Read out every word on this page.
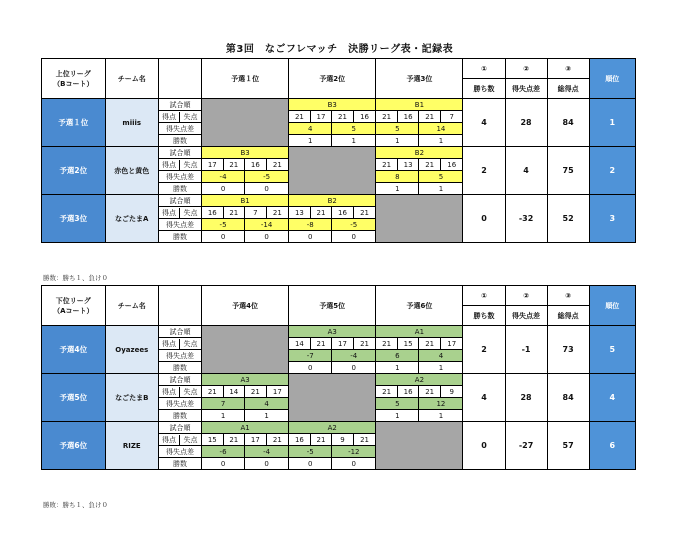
第3回　なごフレマッチ　決勝リーグ表・記録表
上位リーグ
（Bコート）	チーム名		予選１位				予選2位				予選3位				①	②	③	順位
															勝ち数	得失点差	総得点	
予選１位	miiis	試合順					B3				B1				4	28	84	1
		得点 失点					21	17	21	16	21	16	21	7				
		得失点差					4		5		5		14					
		勝数					1		1		1		1					
予選2位	赤色と黄色	試合順	B3								B2				2	4	75	2
		得点 失点	17	21	16	21					21	13	21	16				
		得失点差	-4		-5						8		5					
		勝数	0		0						1		1					
予選3位	なごたまA	試合順	B1				B2								0	-32	52	3
		得点 失点	16	21	7	21	13	21	16	21								
		得失点差	-5		-14		-8		-5									
		勝数	0		0		0		0									
勝数：勝ち１、負け０
下位リーグ
（Aコート）	チーム名		予選4位				予選5位				予選6位				①	②	③	順位
															勝ち数	得失点差	総得点	
予選4位	Oyazees	試合順					A3				A1				2	-1	73	5
		得点 失点					14	21	17	21	21	15	21	17				
		得失点差					-7		-4		6		4					
		勝数					0		0		1		1					
予選5位	なごたまB	試合順	A3								A2				4	28	84	4
		得点 失点	21	14	21	17					21	16	21	9				
		得失点差	7		4						5		12					
		勝数	1		1						1		1					
予選6位	RIZE	試合順	A1				A2								0	-27	57	6
		得点 失点	15	21	17	21	16	21	9	21								
		得失点差	-6		-4		-5		-12									
		勝数	0		0		0		0									
勝敗：勝ち１、負け０
